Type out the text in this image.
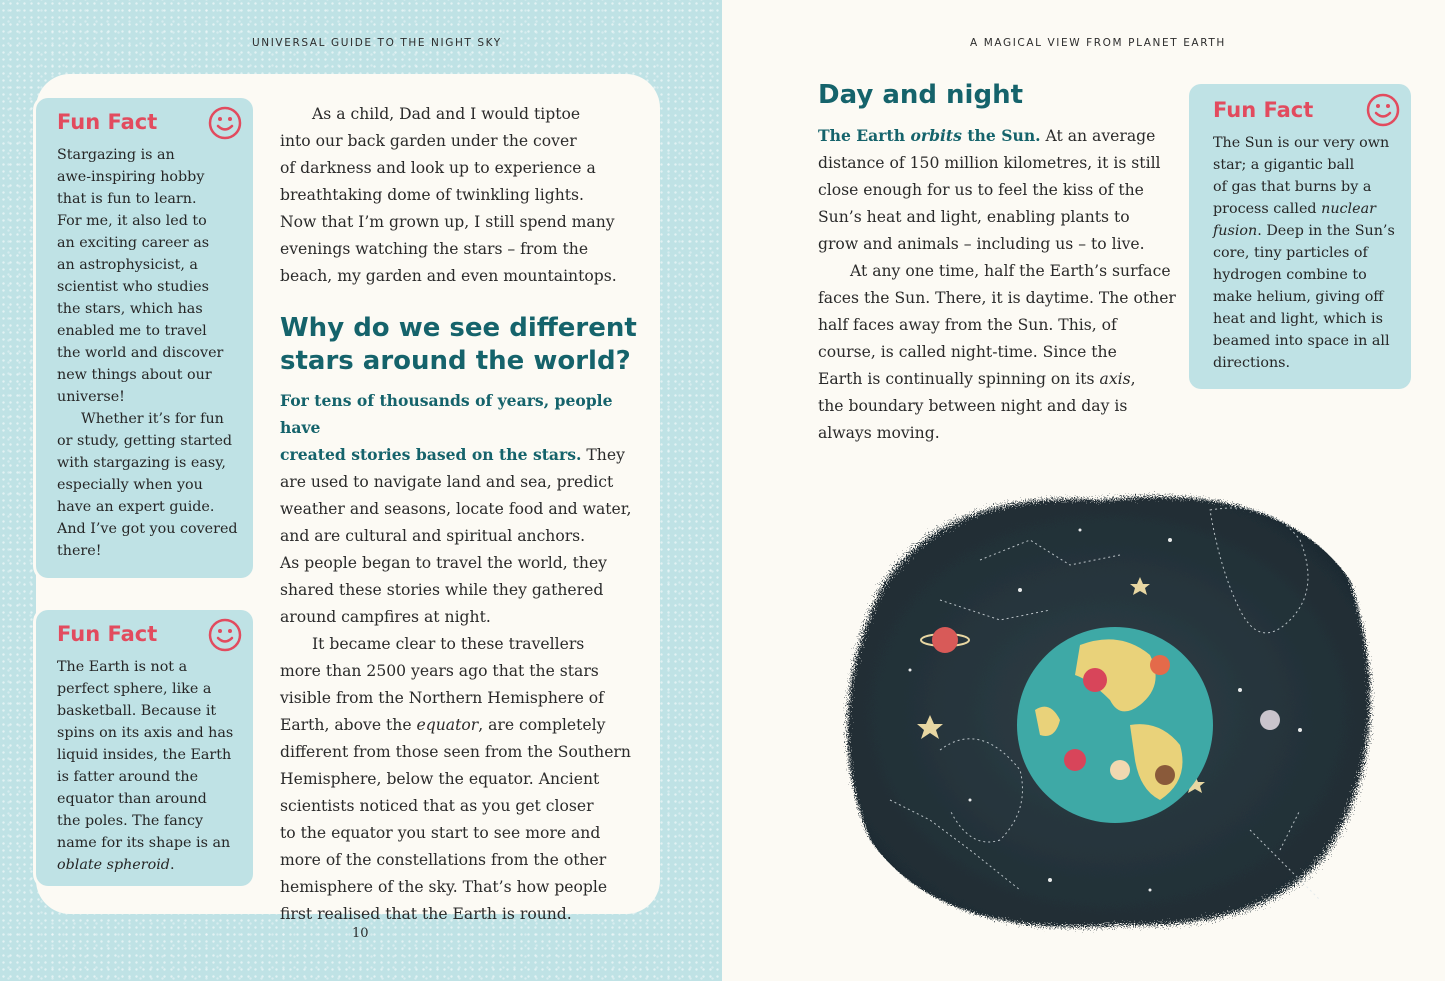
UNIVERSAL GUIDE TO THE NIGHT SKY
Fun Fact
Stargazing is an
awe-inspiring hobby
that is fun to learn.
For me, it also led to
an exciting career as
an astrophysicist, a
scientist who studies
the stars, which has
enabled me to travel
the world and discover
new things about our
universe!
Whether it’s for fun
or study, getting started
with stargazing is easy,
especially when you
have an expert guide.
And I’ve got you covered
there!
Fun Fact
The Earth is not a
perfect sphere, like a
basketball. Because it
spins on its axis and has
liquid insides, the Earth
is fatter around the
equator than around
the poles. The fancy
name for its shape is an
oblate spheroid.
As a child, Dad and I would tiptoe
into our back garden under the cover
of darkness and look up to experience a
breathtaking dome of twinkling lights.
Now that I’m grown up, I still spend many
evenings watching the stars – from the
beach, my garden and even mountaintops.
Why do we see different
stars around the world?
For tens of thousands of years, people have
created stories based on the stars. They
are used to navigate land and sea, predict
weather and seasons, locate food and water,
and are cultural and spiritual anchors.
As people began to travel the world, they
shared these stories while they gathered
around campfires at night.
It became clear to these travellers
more than 2500 years ago that the stars
visible from the Northern Hemisphere of
Earth, above the equator, are completely
different from those seen from the Southern
Hemisphere, below the equator. Ancient
scientists noticed that as you get closer
to the equator you start to see more and
more of the constellations from the other
hemisphere of the sky. That’s how people
first realised that the Earth is round.
10
A MAGICAL VIEW FROM PLANET EARTH
Day and night
The Earth orbits the Sun. At an average
distance of 150 million kilometres, it is still
close enough for us to feel the kiss of the
Sun’s heat and light, enabling plants to
grow and animals – including us – to live.
At any one time, half the Earth’s surface
faces the Sun. There, it is daytime. The other
half faces away from the Sun. This, of
course, is called night-time. Since the
Earth is continually spinning on its axis,
the boundary between night and day is
always moving.
Fun Fact
The Sun is our very own
star; a gigantic ball
of gas that burns by a
process called nuclear
fusion. Deep in the Sun’s
core, tiny particles of
hydrogen combine to
make helium, giving off
heat and light, which is
beamed into space in all
directions.
